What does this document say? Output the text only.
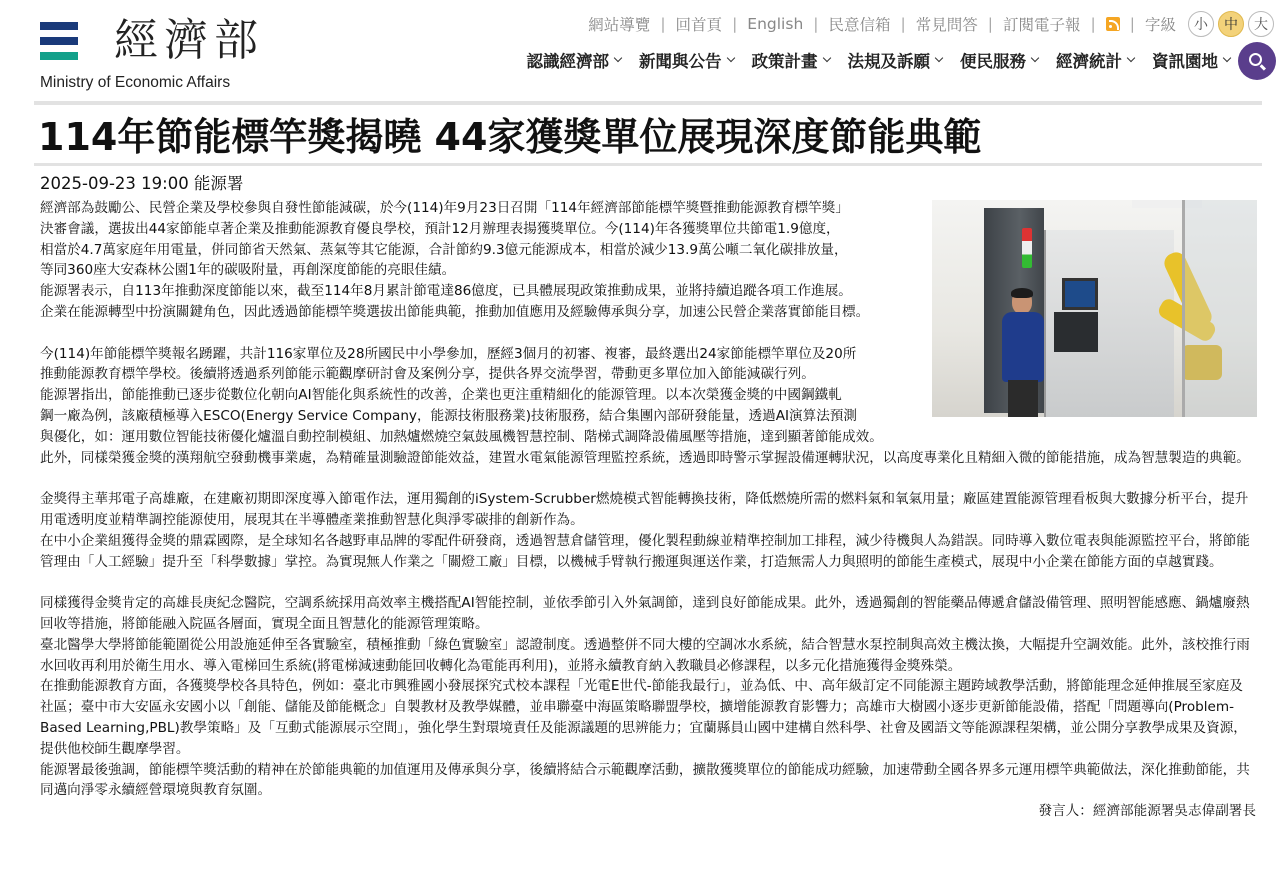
經濟部
Ministry of Economic Affairs
網站導覽 | 回首頁 | English | 民意信箱 | 常見問答 | 訂閱電子報 | | 字級	小	中	大
認識經濟部 新聞與公告 政策計畫 法規及訴願 便民服務 經濟統計 資訊園地
114年節能標竿獎揭曉 44家獲獎單位展現深度節能典範
2025-09-23 19:00 能源署

經濟部為鼓勵公、民營企業及學校參與自發性節能減碳，於今(114)年9月23日召開「114年經濟部節能標竿獎暨推動能源教育標竿獎」

決審會議，選拔出44家節能卓著企業及推動能源教育優良學校，預計12月辦理表揚獲獎單位。今(114)年各獲獎單位共節電1.9億度，

相當於4.7萬家庭年用電量，併同節省天然氣、蒸氣等其它能源，合計節約9.3億元能源成本，相當於減少13.9萬公噸二氧化碳排放量，

等同360座大安森林公園1年的碳吸附量，再創深度節能的亮眼佳績。

能源署表示，自113年推動深度節能以來，截至114年8月累計節電達86億度，已具體展現政策推動成果，並將持續追蹤各項工作進展。

企業在能源轉型中扮演關鍵角色，因此透過節能標竿獎選拔出節能典範，推動加值應用及經驗傳承與分享，加速公民營企業落實節能目標。

今(114)年節能標竿獎報名踴躍，共計116家單位及28所國民中小學參加，歷經3個月的初審、複審，最終選出24家節能標竿單位及20所

推動能源教育標竿學校。後續將透過系列節能示範觀摩研討會及案例分享，提供各界交流學習，帶動更多單位加入節能減碳行列。

能源署指出，節能推動已逐步從數位化朝向AI智能化與系統性的改善，企業也更注重精細化的能源管理。以本次榮獲金獎的中國鋼鐵軋

鋼一廠為例，該廠積極導入ESCO(Energy Service Company，能源技術服務業)技術服務，結合集團內部研發能量，透過AI演算法預測

與優化，如：運用數位智能技術優化爐溫自動控制模組、加熱爐燃燒空氣鼓風機智慧控制、階梯式調降設備風壓等措施，達到顯著節能成效。

此外，同樣榮獲金獎的漢翔航空發動機事業處，為精確量測驗證節能效益，建置水電氣能源管理監控系統，透過即時警示掌握設備運轉狀況，以高度專業化且精細入微的節能措施，成為智慧製造的典範。

金獎得主華邦電子高雄廠，在建廠初期即深度導入節電作法，運用獨創的iSystem-Scrubber燃燒模式智能轉換技術，降低燃燒所需的燃料氣和氧氣用量；廠區建置能源管理看板與大數據分析平台，提升用電透明度並精準調控能源使用，展現其在半導體產業推動智慧化與淨零碳排的創新作為。

在中小企業組獲得金獎的鼎霖國際，是全球知名各越野車品牌的零配件研發商，透過智慧倉儲管理，優化製程動線並精準控制加工排程，減少待機與人為錯誤。同時導入數位電表與能源監控平台，將節能管理由「人工經驗」提升至「科學數據」掌控。為實現無人作業之「關燈工廠」目標，以機械手臂執行搬運與運送作業，打造無需人力與照明的節能生產模式，展現中小企業在節能方面的卓越實踐。

同樣獲得金獎肯定的高雄長庚紀念醫院，空調系統採用高效率主機搭配AI智能控制，並依季節引入外氣調節，達到良好節能成果。此外，透過獨創的智能藥品傳遞倉儲設備管理、照明智能感應、鍋爐廢熱回收等措施，將節能融入院區各層面，實現全面且智慧化的能源管理策略。

臺北醫學大學將節能範圍從公用設施延伸至各實驗室，積極推動「綠色實驗室」認證制度。透過整併不同大樓的空調冰水系統，結合智慧水泵控制與高效主機汰換，大幅提升空調效能。此外，該校推行雨水回收再利用於衛生用水、導入電梯回生系統(將電梯減速動能回收轉化為電能再利用)，並將永續教育納入教職員必修課程，以多元化措施獲得金獎殊榮。

在推動能源教育方面，各獲獎學校各具特色，例如：臺北市興雅國小發展探究式校本課程「光電E世代-節能我最行」，並為低、中、高年級訂定不同能源主題跨域教學活動，將節能理念延伸推展至家庭及社區；臺中市大安區永安國小以「創能、儲能及節能概念」自製教材及教學媒體，並串聯臺中海區策略聯盟學校，擴增能源教育影響力；高雄市大樹國小逐步更新節能設備，搭配「問題導向(Problem-Based Learning,PBL)教學策略」及「互動式能源展示空間」，強化學生對環境責任及能源議題的思辨能力；宜蘭縣員山國中建構自然科學、社會及國語文等能源課程架構，並公開分享教學成果及資源，提供他校師生觀摩學習。

能源署最後強調，節能標竿獎活動的精神在於節能典範的加值運用及傳承與分享，後續將結合示範觀摩活動，擴散獲獎單位的節能成功經驗，加速帶動全國各界多元運用標竿典範做法，深化推動節能，共同邁向淨零永續經營環境與教育氛圍。

發言人：經濟部能源署吳志偉副署長
